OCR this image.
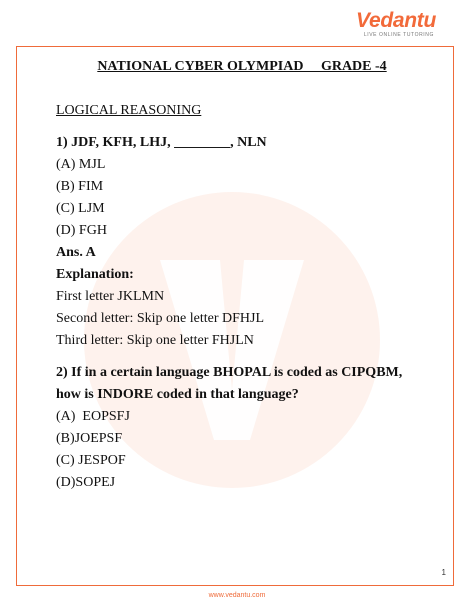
Vedantu
LIVE ONLINE TUTORING
NATIONAL CYBER OLYMPIAD     GRADE -4
LOGICAL REASONING
1) JDF, KFH, LHJ, ________, NLN
(A) MJL
(B) FIM
(C) LJM
(D) FGH
Ans. A
Explanation:
First letter JKLMN
Second letter: Skip one letter DFHJL
Third letter: Skip one letter FHJLN
2) If in a certain language BHOPAL is coded as CIPQBM,
how is INDORE coded in that language?
(A)  EOPSFJ
(B)JOEPSF
(C) JESPOF
(D)SOPEJ
1
www.vedantu.com
